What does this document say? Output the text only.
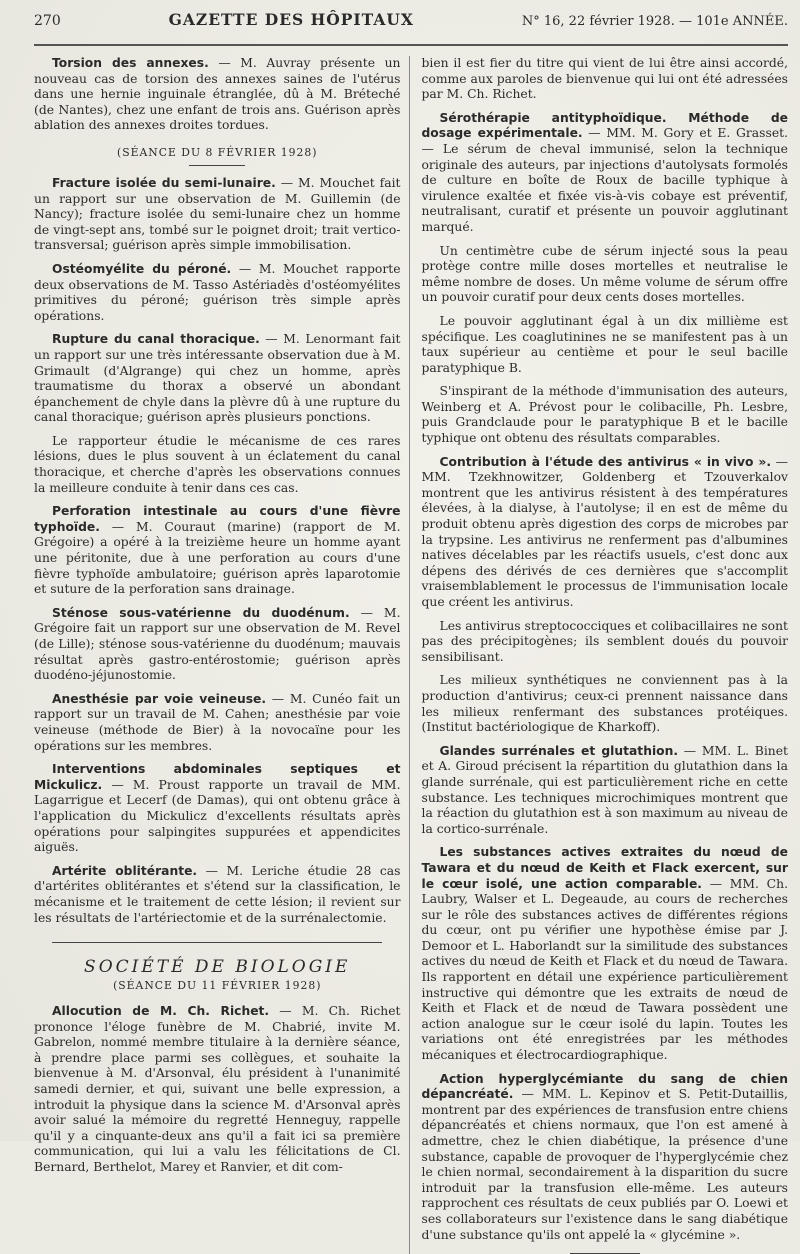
270	GAZETTE DES HÔPITAUX	N° 16, 22 février 1928. — 101e ANNÉE.

Torsion des annexes. — M. Auvray présente un nouveau cas de torsion des annexes saines de l'utérus dans une hernie inguinale étranglée, dû à M. Bréteché (de Nantes), chez une enfant de trois ans. Guérison après ablation des annexes droites tordues.

(SÉANCE DU 8 FÉVRIER 1928)

Fracture isolée du semi-lunaire. — M. Mouchet fait un rapport sur une observation de M. Guillemin (de Nancy); fracture isolée du semi-lunaire chez un homme de vingt-sept ans, tombé sur le poignet droit; trait vertico-transversal; guérison après simple immobilisation.

Ostéomyélite du péroné. — M. Mouchet rapporte deux observations de M. Tasso Astériadès d'ostéomyélites primitives du péroné; guérison très simple après opérations.

Rupture du canal thoracique. — M. Lenormant fait un rapport sur une très intéressante observation due à M. Grimault (d'Algrange) qui chez un homme, après traumatisme du thorax a observé un abondant épanchement de chyle dans la plèvre dû à une rupture du canal thoracique; guérison après plusieurs ponctions.

Le rapporteur étudie le mécanisme de ces rares lésions, dues le plus souvent à un éclatement du canal thoracique, et cherche d'après les observations connues la meilleure conduite à tenir dans ces cas.

Perforation intestinale au cours d'une fièvre typhoïde. — M. Couraut (marine) (rapport de M. Grégoire) a opéré à la treizième heure un homme ayant une péritonite, due à une perforation au cours d'une fièvre typhoïde ambulatoire; guérison après laparotomie et suture de la perforation sans drainage.

Sténose sous-vatérienne du duodénum. — M. Grégoire fait un rapport sur une observation de M. Revel (de Lille); sténose sous-vatérienne du duodénum; mauvais résultat après gastro-entérostomie; guérison après duodéno-jéjunostomie.

Anesthésie par voie veineuse. — M. Cunéo fait un rapport sur un travail de M. Cahen; anesthésie par voie veineuse (méthode de Bier) à la novocaïne pour les opérations sur les membres.

Interventions abdominales septiques et Mickulicz. — M. Proust rapporte un travail de MM. Lagarrigue et Lecerf (de Damas), qui ont obtenu grâce à l'application du Mickulicz d'excellents résultats après opérations pour salpingites suppurées et appendicites aiguës.

Artérite oblitérante. — M. Leriche étudie 28 cas d'artérites oblitérantes et s'étend sur la classification, le mécanisme et le traitement de cette lésion; il revient sur les résultats de l'artériectomie et de la surrénalectomie.

SOCIÉTÉ DE BIOLOGIE
(SÉANCE DU 11 FÉVRIER 1928)

Allocution de M. Ch. Richet. — M. Ch. Richet prononce l'éloge funèbre de M. Chabrié, invite M. Gabrelon, nommé membre titulaire à la dernière séance, à prendre place parmi ses collègues, et souhaite la bienvenue à M. d'Arsonval, élu président à l'unanimité samedi dernier, et qui, suivant une belle expression, a introduit la physique dans la science M. d'Arsonval après avoir salué la mémoire du regretté Henneguy, rappelle qu'il y a cinquante-deux ans qu'il a fait ici sa première communication, qui lui a valu les félicitations de Cl. Bernard, Berthelot, Marey et Ranvier, et dit com-

bien il est fier du titre qui vient de lui être ainsi accordé, comme aux paroles de bienvenue qui lui ont été adressées par M. Ch. Richet.

Sérothérapie antityphoïdique. Méthode de dosage expérimentale. — MM. M. Gory et E. Grasset. — Le sérum de cheval immunisé, selon la technique originale des auteurs, par injections d'autolysats formolés de culture en boîte de Roux de bacille typhique à virulence exaltée et fixée vis-à-vis cobaye est préventif, neutralisant, curatif et présente un pouvoir agglutinant marqué.

Un centimètre cube de sérum injecté sous la peau protège contre mille doses mortelles et neutralise le même nombre de doses. Un même volume de sérum offre un pouvoir curatif pour deux cents doses mortelles.

Le pouvoir agglutinant égal à un dix millième est spécifique. Les coaglutinines ne se manifestent pas à un taux supérieur au centième et pour le seul bacille paratyphique B.

S'inspirant de la méthode d'immunisation des auteurs, Weinberg et A. Prévost pour le colibacille, Ph. Lesbre, puis Grandclaude pour le paratyphique B et le bacille typhique ont obtenu des résultats comparables.

Contribution à l'étude des antivirus « in vivo ». — MM. Tzekhnowitzer, Goldenberg et Tzouverkalov montrent que les antivirus résistent à des températures élevées, à la dialyse, à l'autolyse; il en est de même du produit obtenu après digestion des corps de microbes par la trypsine. Les antivirus ne renferment pas d'albumines natives décelables par les réactifs usuels, c'est donc aux dépens des dérivés de ces dernières que s'accomplit vraisemblablement le processus de l'immunisation locale que créent les antivirus.

Les antivirus streptococciques et colibacillaires ne sont pas des précipitogènes; ils semblent doués du pouvoir sensibilisant.

Les milieux synthétiques ne conviennent pas à la production d'antivirus; ceux-ci prennent naissance dans les milieux renfermant des substances protéiques. (Institut bactériologique de Kharkoff).

Glandes surrénales et glutathion. — MM. L. Binet et A. Giroud précisent la répartition du glutathion dans la glande surrénale, qui est particulièrement riche en cette substance. Les techniques microchimiques montrent que la réaction du glutathion est à son maximum au niveau de la cortico-surrénale.

Les substances actives extraites du nœud de Tawara et du nœud de Keith et Flack exercent, sur le cœur isolé, une action comparable. — MM. Ch. Laubry, Walser et L. Degeaude, au cours de recherches sur le rôle des substances actives de différentes régions du cœur, ont pu vérifier une hypothèse émise par J. Demoor et L. Haborlandt sur la similitude des substances actives du nœud de Keith et Flack et du nœud de Tawara. Ils rapportent en détail une expérience particulièrement instructive qui démontre que les extraits de nœud de Keith et Flack et de nœud de Tawara possèdent une action analogue sur le cœur isolé du lapin. Toutes les variations ont été enregistrées par les méthodes mécaniques et électrocardiographique.

Action hyperglycémiante du sang de chien dépancréaté. — MM. L. Kepinov et S. Petit-Dutaillis, montrent par des expériences de transfusion entre chiens dépancréatés et chiens normaux, que l'on est amené à admettre, chez le chien diabétique, la présence d'une substance, capable de provoquer de l'hyperglycémie chez le chien normal, secondairement à la disparition du sucre introduit par la transfusion elle-même. Les auteurs rapprochent ces résultats de ceux publiés par O. Loewi et ses collaborateurs sur l'existence dans le sang diabétique d'une substance qu'ils ont appelé la « glycémine ».
